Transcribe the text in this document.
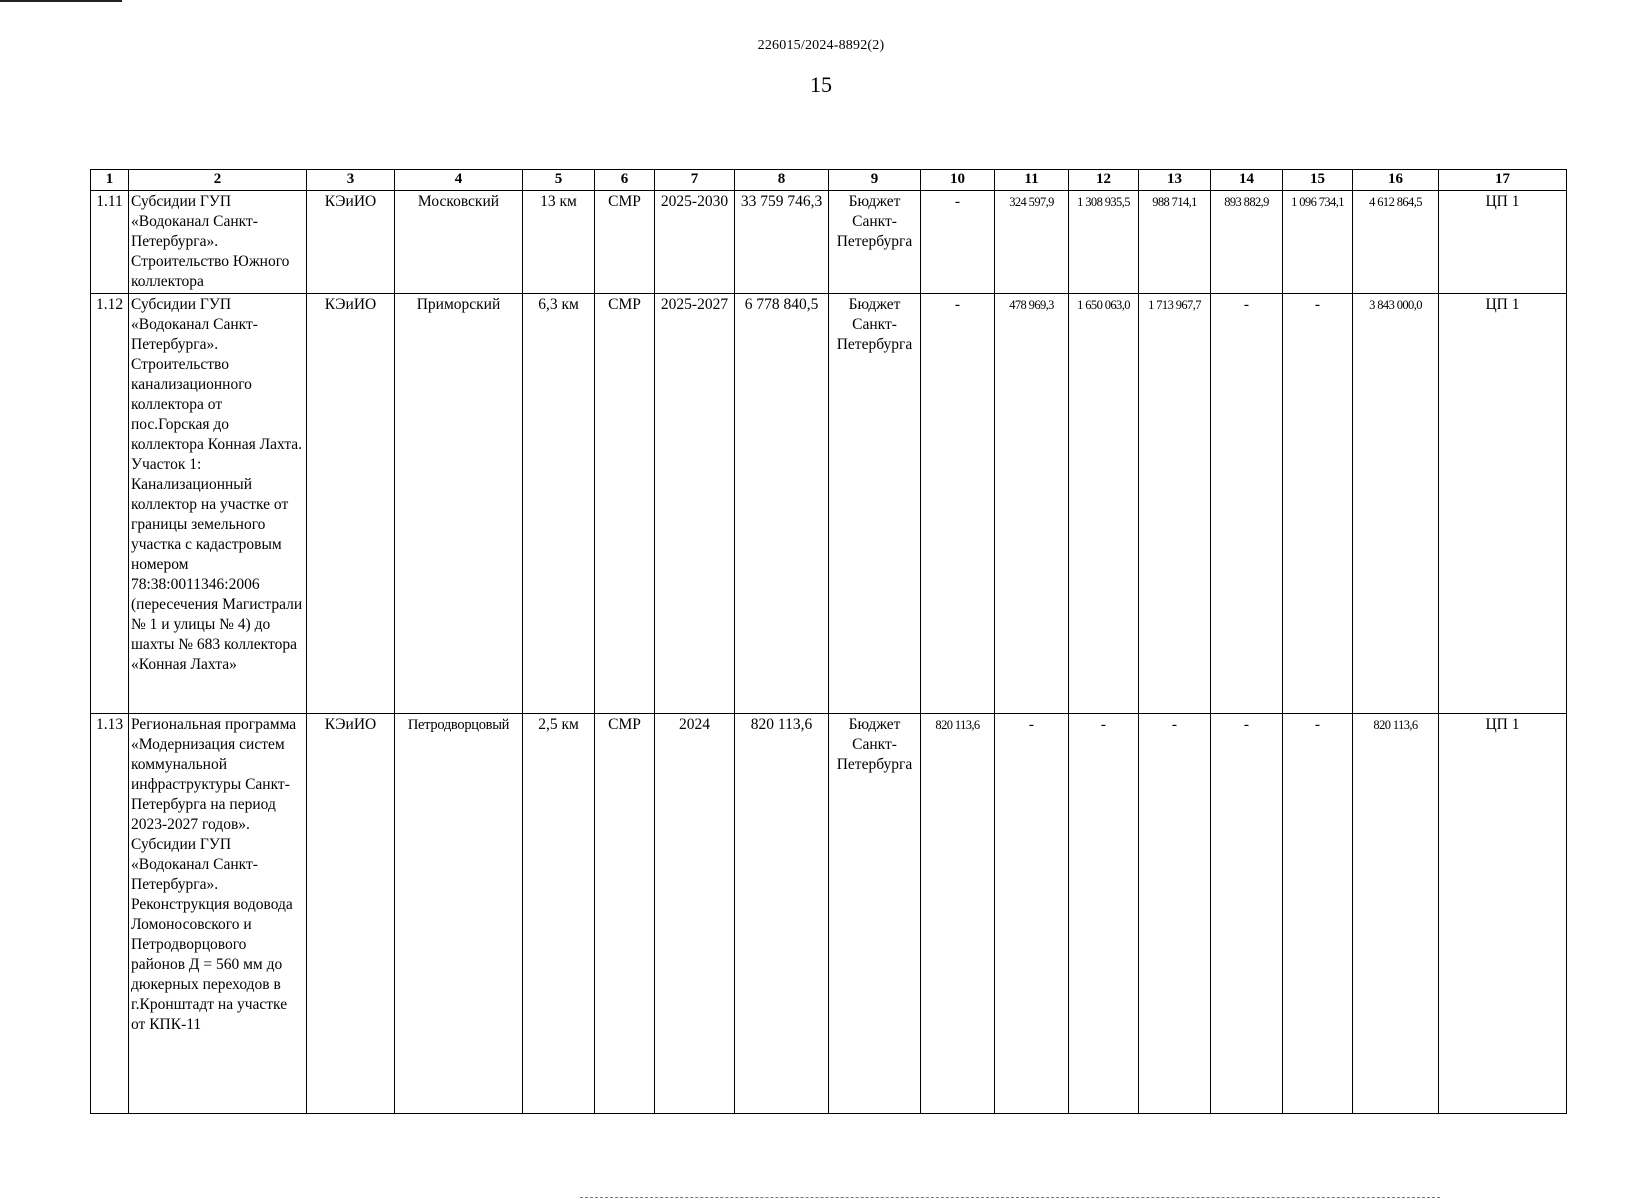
226015/2024-8892(2)
15
1	2	3	4	5	6	7	8	9	10	11	12	13	14	15	16	17
1.11	Субсидии ГУП «Водоканал Санкт-Петербурга». Строительство Южного коллектора	КЭиИО	Московский	13 км	СМР	2025-2030	33 759 746,3	Бюджет Санкт-Петербурга	-	324 597,9	1 308 935,5	988 714,1	893 882,9	1 096 734,1	4 612 864,5	ЦП 1
1.12	Субсидии ГУП «Водоканал Санкт-Петербурга». Строительство канализационного коллектора от пос.Горская до коллектора Конная Лахта. Участок 1: Канализационный коллектор на участке от границы земельного участка с кадастровым номером 78:38:0011346:2006 (пересечения Магистрали № 1 и улицы № 4) до шахты № 683 коллектора «Конная Лахта»	КЭиИО	Приморский	6,3 км	СМР	2025-2027	6 778 840,5	Бюджет Санкт-Петербурга	-	478 969,3	1 650 063,0	1 713 967,7	-	-	3 843 000,0	ЦП 1
1.13	Региональная программа «Модернизация систем коммунальной инфраструктуры Санкт-Петербурга на период 2023-2027 годов». Субсидии ГУП «Водоканал Санкт-Петербурга». Реконструкция водовода Ломоносовского и Петродворцового районов Д = 560 мм до дюкерных переходов в г.Кронштадт на участке от КПК-11	КЭиИО	Петродворцовый	2,5 км	СМР	2024	820 113,6	Бюджет Санкт-Петербурга	820 113,6	-	-	-	-	-	820 113,6	ЦП 1
